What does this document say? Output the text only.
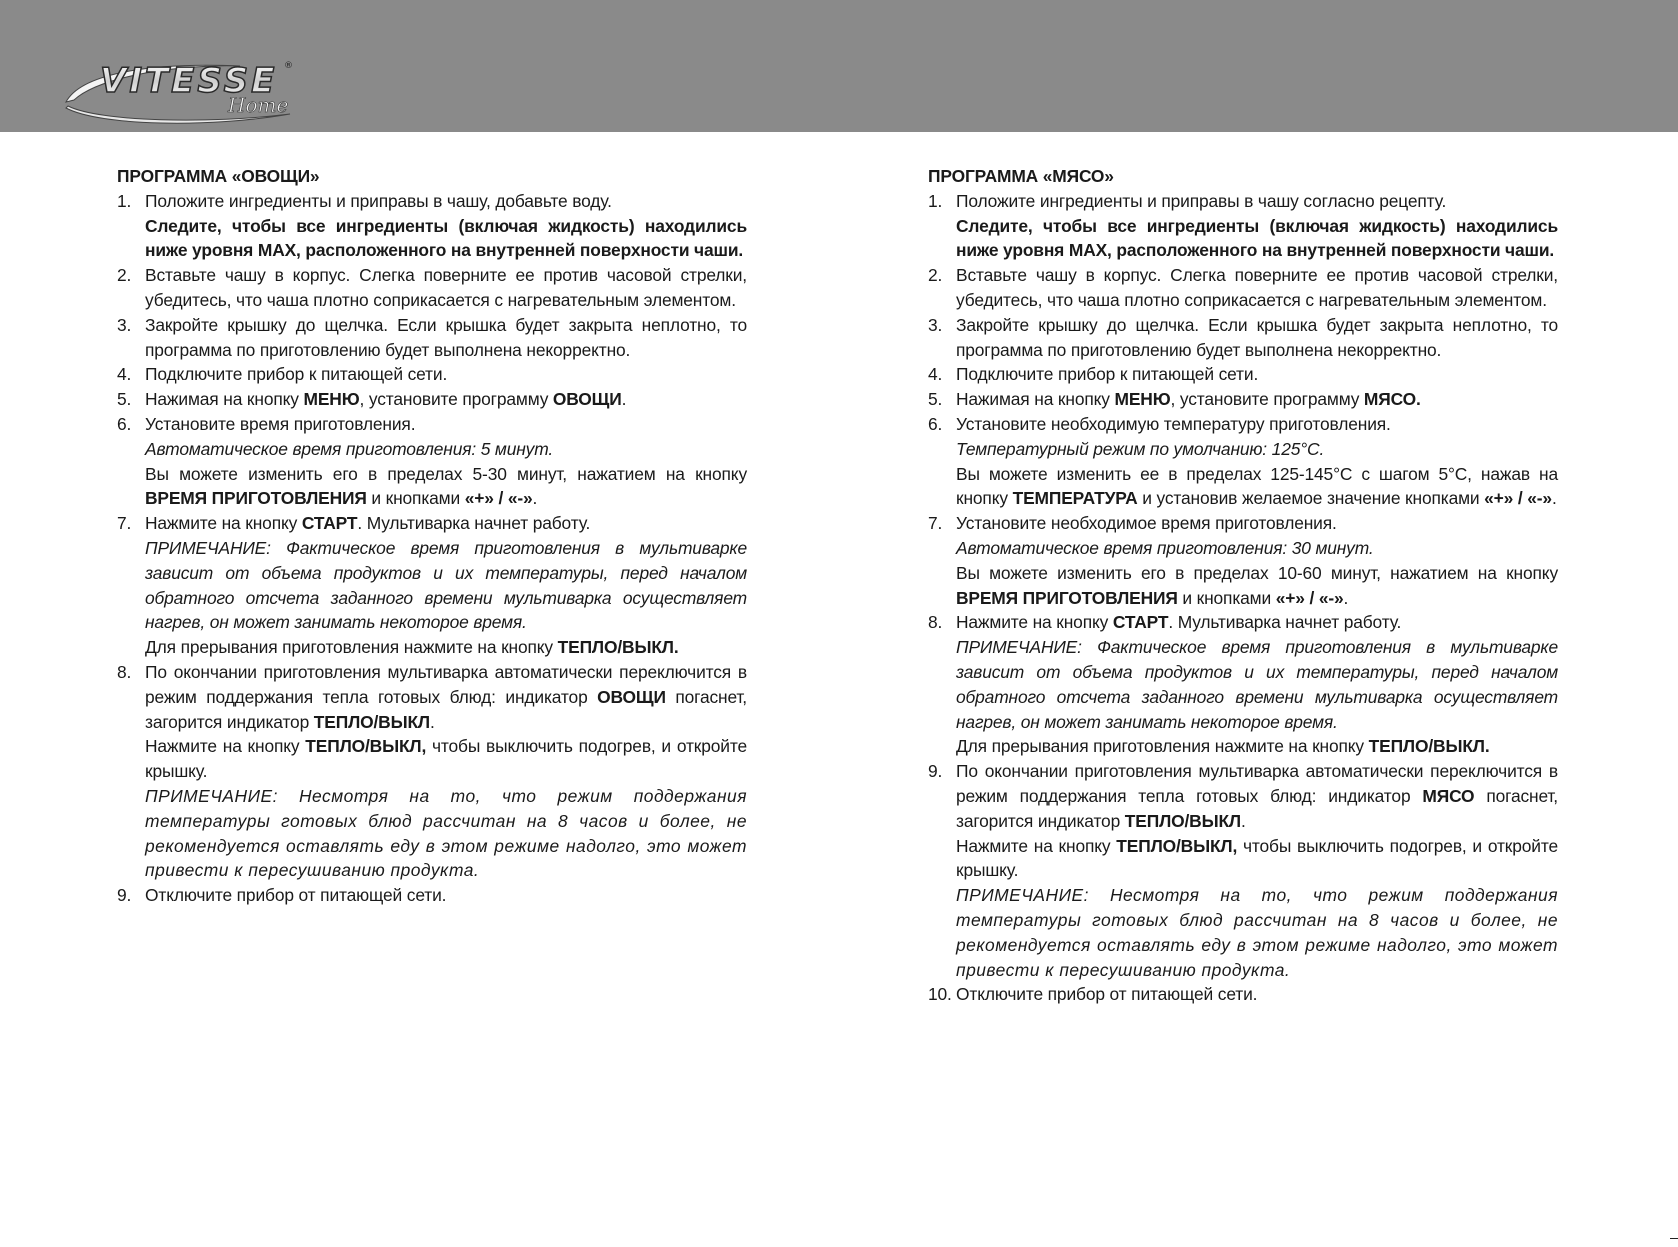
VITESSE ®
Home

ПРОГРАММА «ОВОЩИ»

1. Положите ингредиенты и приправы в чашу, добавьте воду.
Следите, чтобы все ингредиенты (включая жидкость) находились ниже уровня MAX, расположенного на внутренней поверхности чаши.
2. Вставьте чашу в корпус. Слегка поверните ее против часовой стрелки, убедитесь, что чаша плотно соприкасается с нагревательным элементом.
3. Закройте крышку до щелчка. Если крышка будет закрыта неплотно, то программа по приготовлению будет выполнена некорректно.
4. Подключите прибор к питающей сети.
5. Нажимая на кнопку МЕНЮ, установите программу ОВОЩИ.
6. Установите время приготовления.
Автоматическое время приготовления: 5 минут.
Вы можете изменить его в пределах 5-30 минут, нажатием на кнопку ВРЕМЯ ПРИГОТОВЛЕНИЯ и кнопками «+» / «-».
7. Нажмите на кнопку СТАРТ. Мультиварка начнет работу.
ПРИМЕЧАНИЕ: Фактическое время приготовления в мультиварке зависит от объема продуктов и их температуры, перед началом обратного отсчета заданного времени мультиварка осуществляет нагрев, он может занимать некоторое время.
Для прерывания приготовления нажмите на кнопку ТЕПЛО/ВЫКЛ.
8. По окончании приготовления мультиварка автоматически переключится в режим поддержания тепла готовых блюд: индикатор ОВОЩИ погаснет, загорится индикатор ТЕПЛО/ВЫКЛ.
Нажмите на кнопку ТЕПЛО/ВЫКЛ, чтобы выключить подогрев, и откройте крышку.
ПРИМЕЧАНИЕ: Несмотря на то, что режим поддержания температуры готовых блюд рассчитан на 8 часов и более, не рекомендуется оставлять еду в этом режиме надолго, это может привести к пересушиванию продукта.
9. Отключите прибор от питающей сети.

ПРОГРАММА «МЯСО»

1. Положите ингредиенты и приправы в чашу согласно рецепту.
Следите, чтобы все ингредиенты (включая жидкость) находились ниже уровня MAX, расположенного на внутренней поверхности чаши.
2. Вставьте чашу в корпус. Слегка поверните ее против часовой стрелки, убедитесь, что чаша плотно соприкасается с нагревательным элементом.
3. Закройте крышку до щелчка. Если крышка будет закрыта неплотно, то программа по приготовлению будет выполнена некорректно.
4. Подключите прибор к питающей сети.
5. Нажимая на кнопку МЕНЮ, установите программу МЯСО.
6. Установите необходимую температуру приготовления.
Температурный режим по умолчанию: 125°C.
Вы можете изменить ее в пределах 125-145°C с шагом 5°C, нажав на кнопку ТЕМПЕРАТУРА и установив желаемое значение кнопками «+» / «-».
7. Установите необходимое время приготовления.
Автоматическое время приготовления: 30 минут.
Вы можете изменить его в пределах 10-60 минут, нажатием на кнопку ВРЕМЯ ПРИГОТОВЛЕНИЯ и кнопками «+» / «-».
8. Нажмите на кнопку СТАРТ. Мультиварка начнет работу.
ПРИМЕЧАНИЕ: Фактическое время приготовления в мультиварке зависит от объема продуктов и их температуры, перед началом обратного отсчета заданного времени мультиварка осуществляет нагрев, он может занимать некоторое время.
Для прерывания приготовления нажмите на кнопку ТЕПЛО/ВЫКЛ.
9. По окончании приготовления мультиварка автоматически переключится в режим поддержания тепла готовых блюд: индикатор МЯСО погаснет, загорится индикатор ТЕПЛО/ВЫКЛ.
Нажмите на кнопку ТЕПЛО/ВЫКЛ, чтобы выключить подогрев, и откройте крышку.
ПРИМЕЧАНИЕ: Несмотря на то, что режим поддержания температуры готовых блюд рассчитан на 8 часов и более, не рекомендуется оставлять еду в этом режиме надолго, это может привести к пересушиванию продукта.
10. Отключите прибор от питающей сети.
